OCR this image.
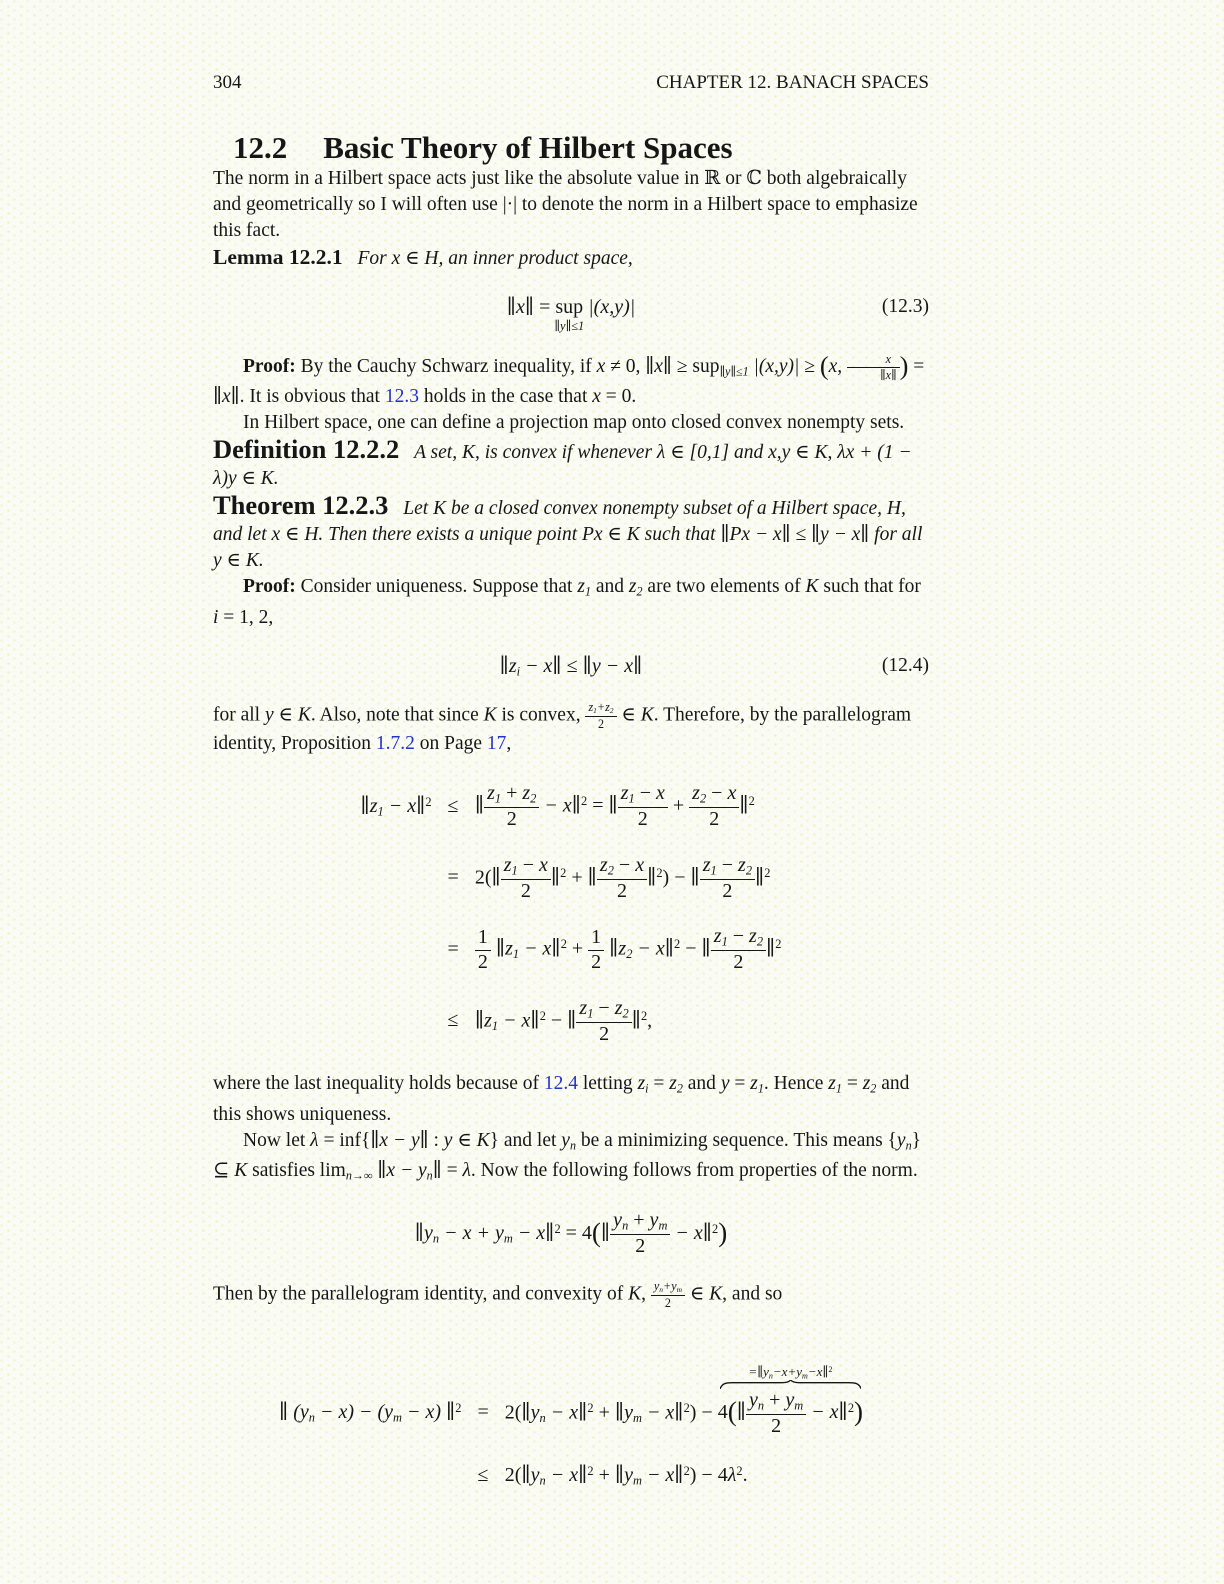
304	CHAPTER 12. BANACH SPACES
12.2 Basic Theory of Hilbert Spaces

The norm in a Hilbert space acts just like the absolute value in ℝ or ℂ both algebraically and geometrically so I will often use |·| to denote the norm in a Hilbert space to emphasize this fact.

Lemma 12.2.1 For x ∈ H, an inner product space,

∥x∥ = sup
∥y∥≤1
|(x,y)|	(12.3)

Proof: By the Cauchy Schwarz inequality, if x ≠ 0, ∥x∥ ≥ sup∥y∥≤1 |(x,y)| ≥ (x, $\frac{x}{\parallel x\parallel}$ ) = ∥x∥. It is obvious that 12.3 holds in the case that x = 0.

In Hilbert space, one can define a projection map onto closed convex nonempty sets.

Definition 12.2.2 A set, K, is convex if whenever λ ∈ [0,1] and x,y ∈ K, λx + (1 − λ)y ∈ K.

Theorem 12.2.3 Let K be a closed convex nonempty subset of a Hilbert space, H, and let x ∈ H. Then there exists a unique point Px ∈ K such that ∥Px − x∥ ≤ ∥y − x∥ for all y ∈ K.

Proof: Consider uniqueness. Suppose that z1 and z2 are two elements of K such that for i = 1, 2,

∥zi − x∥ ≤ ∥y − x∥	(12.4)

for all y ∈ K. Also, note that since K is convex, $\frac{z1+z2}{2}$ ∈ K. Therefore, by the parallelogram identity, Proposition 1.7.2 on Page 17,

∥z1 − x∥$^2$ ≤ ∥ $\frac{z1 + z2}{2}$ − x∥$^2$ = ∥ $\frac{z1 - x}{2} + \frac{z2 - x}{2}$ ∥$^2$
= 2(∥ $\frac{z1 - x}{2}$ ∥$^2$ + ∥ $\frac{z2 - x}{2}$ ∥$^2$) − ∥ $\frac{z1 - z2}{2}$ ∥$^2$
= $\frac{1}{2}$ ∥z1 − x∥$^2$ + $\frac{1}{2}$ ∥z2 − x∥$^2$ − ∥ $\frac{z1 - z2}{2}$ ∥$^2$
≤ ∥z1 − x∥$^2$ − ∥ $\frac{z1 - z2}{2}$ ∥$^2$,

where the last inequality holds because of 12.4 letting zi = z2 and y = z1. Hence z1 = z2 and this shows uniqueness.

Now let λ = inf{∥x − y∥ : y ∈ K} and let yn be a minimizing sequence. This means {yn} ⊆ K satisfies limn→∞ ∥x − yn∥ = λ. Now the following follows from properties of the norm.

∥yn − x + ym − x∥$^2$ = 4(∥ $\frac{yn + ym}{2}$ − x∥$^2$)

Then by the parallelogram identity, and convexity of K, $\frac{yn+ym}{2}$ ∈ K, and so

∥ (yn − x) − (ym − x) ∥$^2$ = 2(∥yn − x∥$^2$ + ∥ym − x∥$^2$) −
=∥yn−x+ym−x∥$^2$
4(∥ $\frac{yn + ym}{2}$ − x∥$^2$)
≤ 2(∥yn − x∥$^2$ + ∥ym − x∥$^2$) − $4\lambda^2$.
